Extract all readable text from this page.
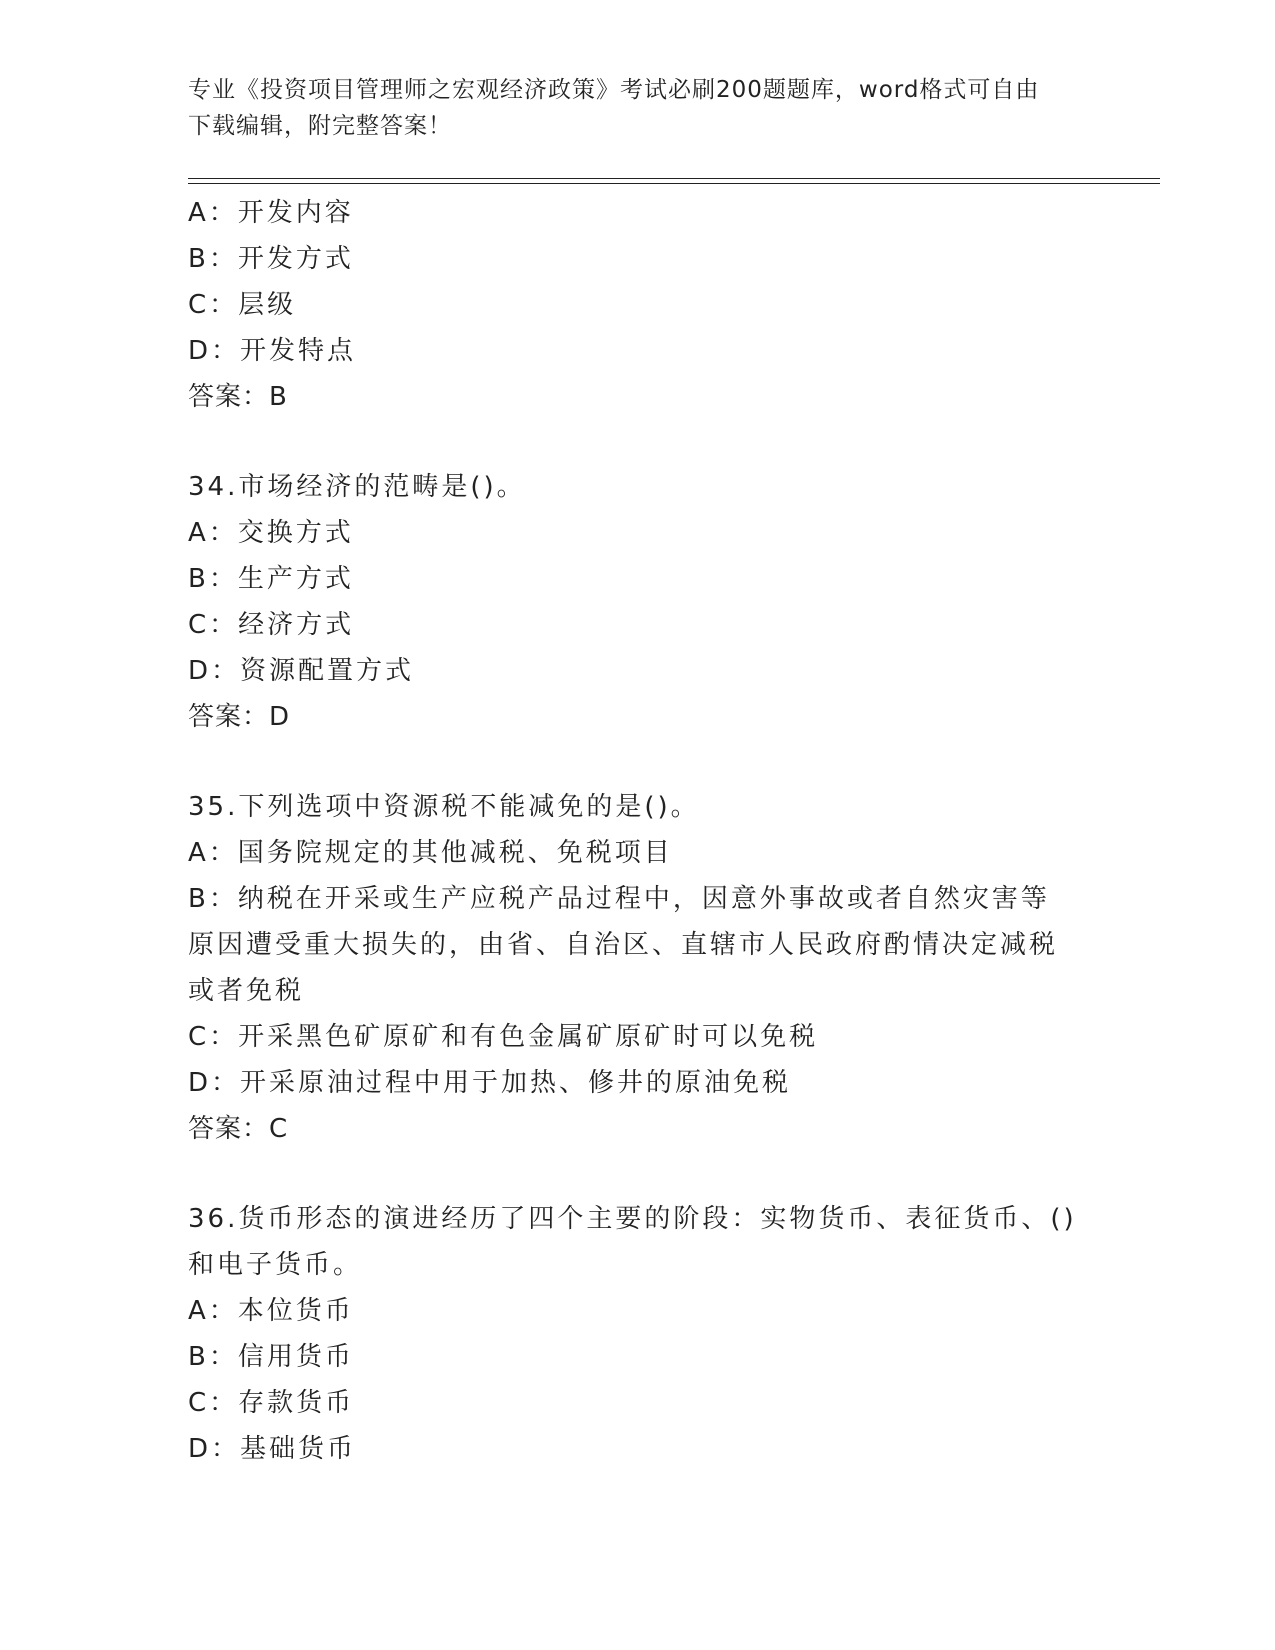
专业《投资项目管理师之宏观经济政策》考试必刷200题题库，word格式可自由
下载编辑，附完整答案！
A：开发内容
B：开发方式
C：层级
D：开发特点
答案：B
34.市场经济的范畴是()。
A：交换方式
B：生产方式
C：经济方式
D：资源配置方式
答案：D
35.下列选项中资源税不能减免的是()。
A：国务院规定的其他减税、免税项目
B：纳税在开采或生产应税产品过程中，因意外事故或者自然灾害等原因遭受重大损失的，由省、自治区、直辖市人民政府酌情决定减税或者免税
C：开采黑色矿原矿和有色金属矿原矿时可以免税
D：开采原油过程中用于加热、修井的原油免税
答案：C
36.货币形态的演进经历了四个主要的阶段：实物货币、表征货币、()和电子货币。
A：本位货币
B：信用货币
C：存款货币
D：基础货币
